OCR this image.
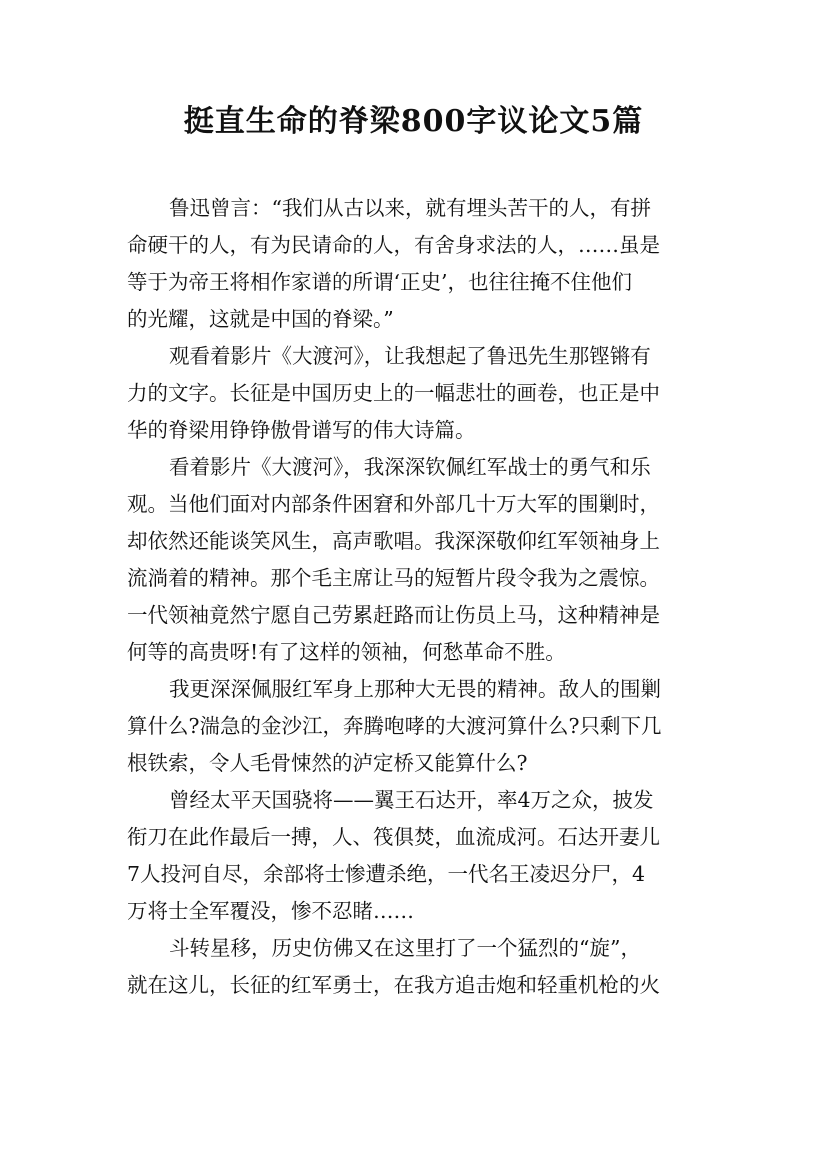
挺直生命的脊梁800字议论文5篇
鲁迅曾言：“我们从古以来，就有埋头苦干的人，有拼
命硬干的人，有为民请命的人，有舍身求法的人，……虽是
等于为帝王将相作家谱的所谓‘正史’，也往往掩不住他们
的光耀，这就是中国的脊梁。”
观看着影片《大渡河》，让我想起了鲁迅先生那铿锵有
力的文字。长征是中国历史上的一幅悲壮的画卷，也正是中
华的脊梁用铮铮傲骨谱写的伟大诗篇。
看着影片《大渡河》，我深深钦佩红军战士的勇气和乐
观。当他们面对内部条件困窘和外部几十万大军的围剿时，
却依然还能谈笑风生，高声歌唱。我深深敬仰红军领袖身上
流淌着的精神。那个毛主席让马的短暂片段令我为之震惊。
一代领袖竟然宁愿自己劳累赶路而让伤员上马，这种精神是
何等的高贵呀!有了这样的领袖，何愁革命不胜。
我更深深佩服红军身上那种大无畏的精神。敌人的围剿
算什么?湍急的金沙江，奔腾咆哮的大渡河算什么?只剩下几
根铁索，令人毛骨悚然的泸定桥又能算什么?
曾经太平天国骁将——翼王石达开，率4万之众，披发
衔刀在此作最后一搏，人、筏俱焚，血流成河。石达开妻儿
7人投河自尽，余部将士惨遭杀绝，一代名王凌迟分尸，4
万将士全军覆没，惨不忍睹……
斗转星移，历史仿佛又在这里打了一个猛烈的“旋”，
就在这儿，长征的红军勇士，在我方追击炮和轻重机枪的火
